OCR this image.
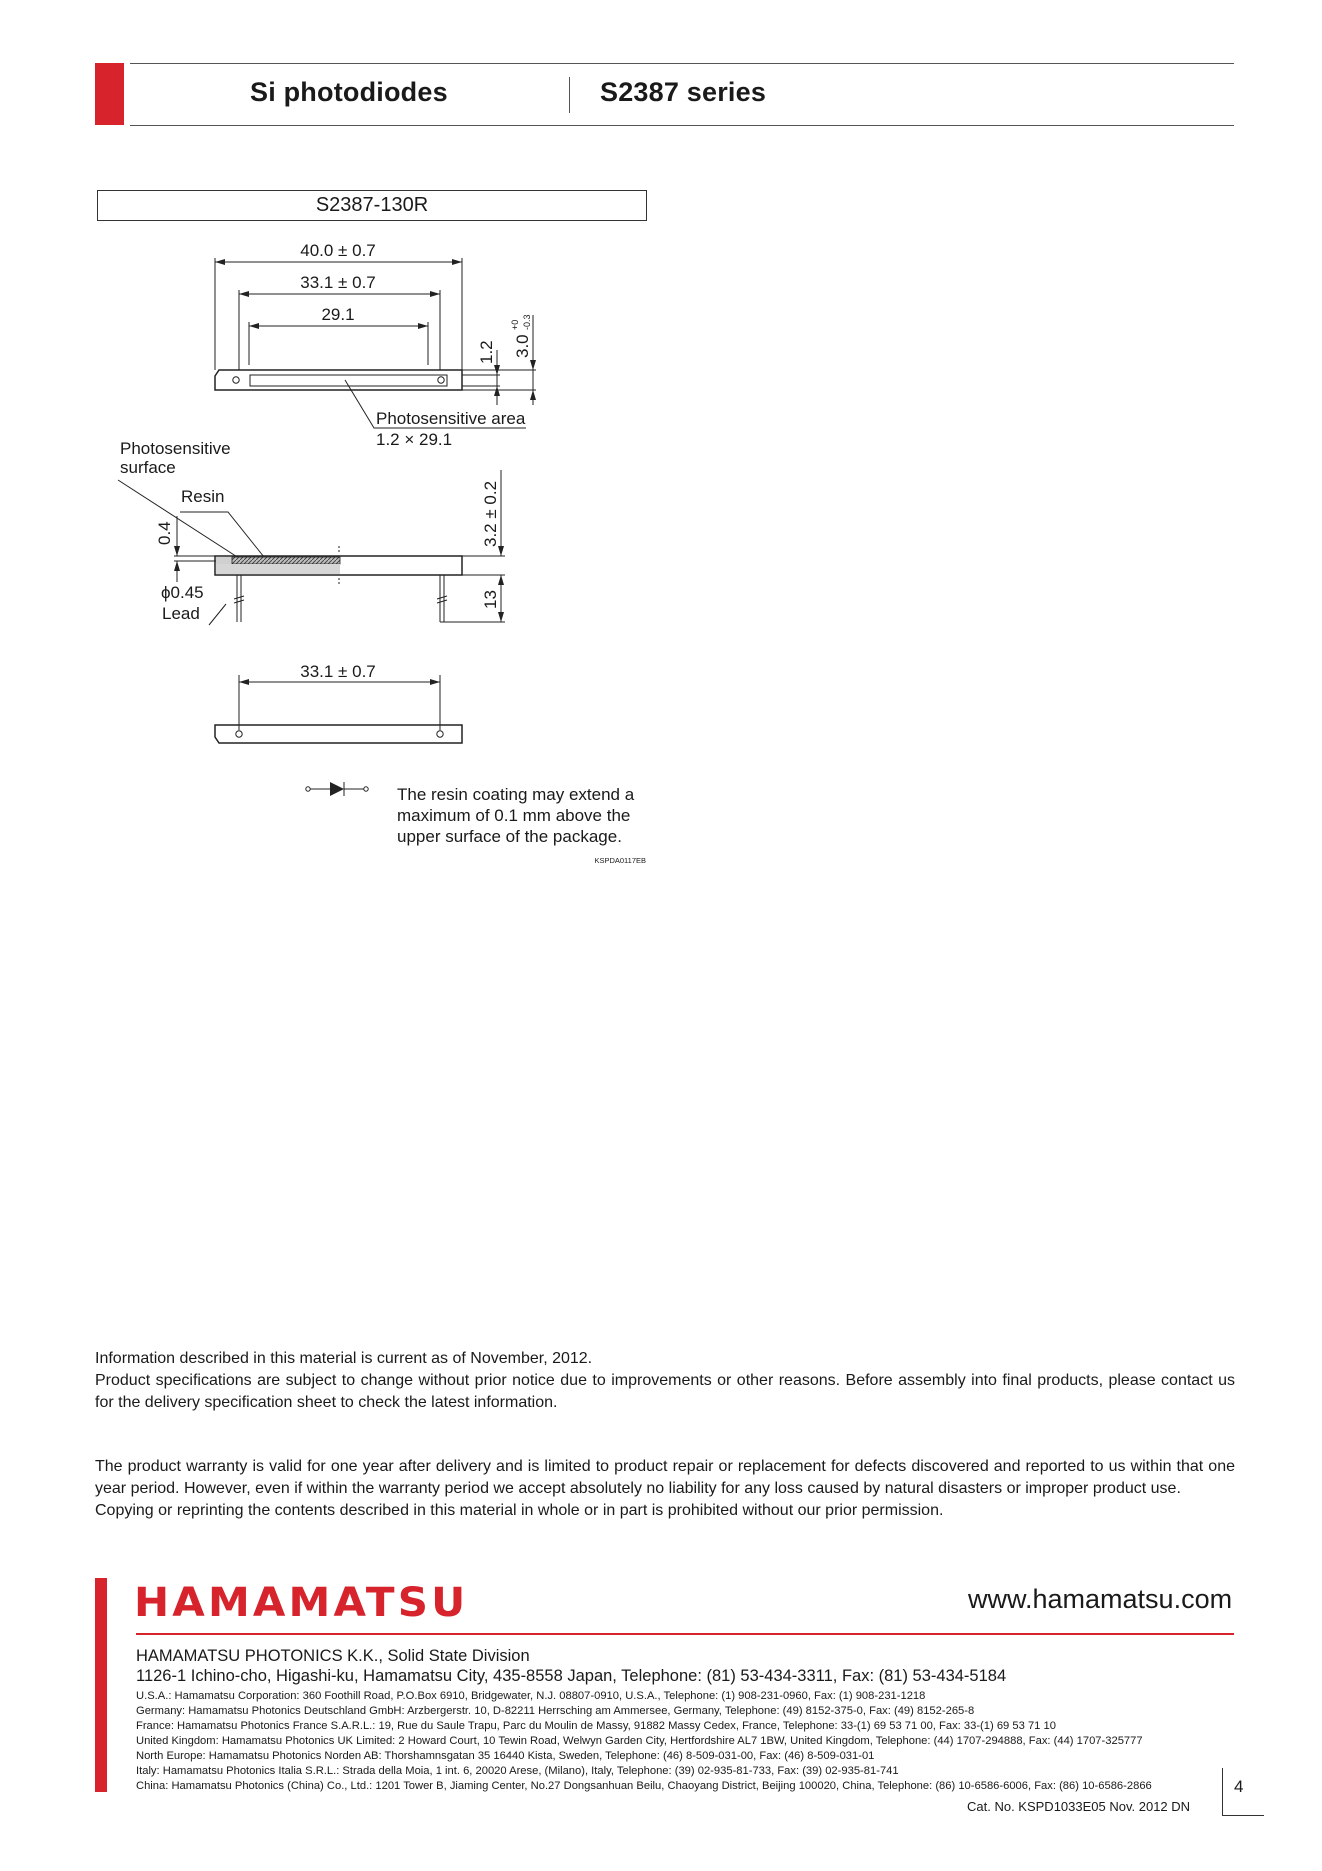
Si photodiodes	S2387 series
S2387-130R
40.0 ± 0.7
33.1 ± 0.7
29.1
1.2 3.0
+0 -0.3
Photosensitive area
1.2 × 29.1
Photosensitive
surface
Resin
0.4	3.2 ± 0.2
ϕ0.45
Lead
13
33.1 ± 0.7
The resin coating may extend a
maximum of 0.1 mm above the
upper surface of the package.
KSPDA0117EB

Information described in this material is current as of November, 2012.

Product specifications are subject to change without prior notice due to improvements or other reasons. Before assembly into final products, please contact us for the delivery specification sheet to check the latest information.

The product warranty is valid for one year after delivery and is limited to product repair or replacement for defects discovered and reported to us within that one year period. However, even if within the warranty period we accept absolutely no liability for any loss caused by natural disasters or improper product use.

Copying or reprinting the contents described in this material in whole or in part is prohibited without our prior permission.

HAMAMATSU	www.hamamatsu.com
HAMAMATSU PHOTONICS K.K., Solid State Division
1126-1 Ichino-cho, Higashi-ku, Hamamatsu City, 435-8558 Japan, Telephone: (81) 53-434-3311, Fax: (81) 53-434-5184
U.S.A.: Hamamatsu Corporation: 360 Foothill Road, P.O.Box 6910, Bridgewater, N.J. 08807-0910, U.S.A., Telephone: (1) 908-231-0960, Fax: (1) 908-231-1218
Germany: Hamamatsu Photonics Deutschland GmbH: Arzbergerstr. 10, D-82211 Herrsching am Ammersee, Germany, Telephone: (49) 8152-375-0, Fax: (49) 8152-265-8
France: Hamamatsu Photonics France S.A.R.L.: 19, Rue du Saule Trapu, Parc du Moulin de Massy, 91882 Massy Cedex, France, Telephone: 33-(1) 69 53 71 00, Fax: 33-(1) 69 53 71 10
United Kingdom: Hamamatsu Photonics UK Limited: 2 Howard Court, 10 Tewin Road, Welwyn Garden City, Hertfordshire AL7 1BW, United Kingdom, Telephone: (44) 1707-294888, Fax: (44) 1707-325777
North Europe: Hamamatsu Photonics Norden AB: Thorshamnsgatan 35 16440 Kista, Sweden, Telephone: (46) 8-509-031-00, Fax: (46) 8-509-031-01
Italy: Hamamatsu Photonics Italia S.R.L.: Strada della Moia, 1 int. 6, 20020 Arese, (Milano), Italy, Telephone: (39) 02-935-81-733, Fax: (39) 02-935-81-741
China: Hamamatsu Photonics (China) Co., Ltd.: 1201 Tower B, Jiaming Center, No.27 Dongsanhuan Beilu, Chaoyang District, Beijing 100020, China, Telephone: (86) 10-6586-6006, Fax: (86) 10-6586-2866
Cat. No. KSPD1033E05 Nov. 2012 DN
4
